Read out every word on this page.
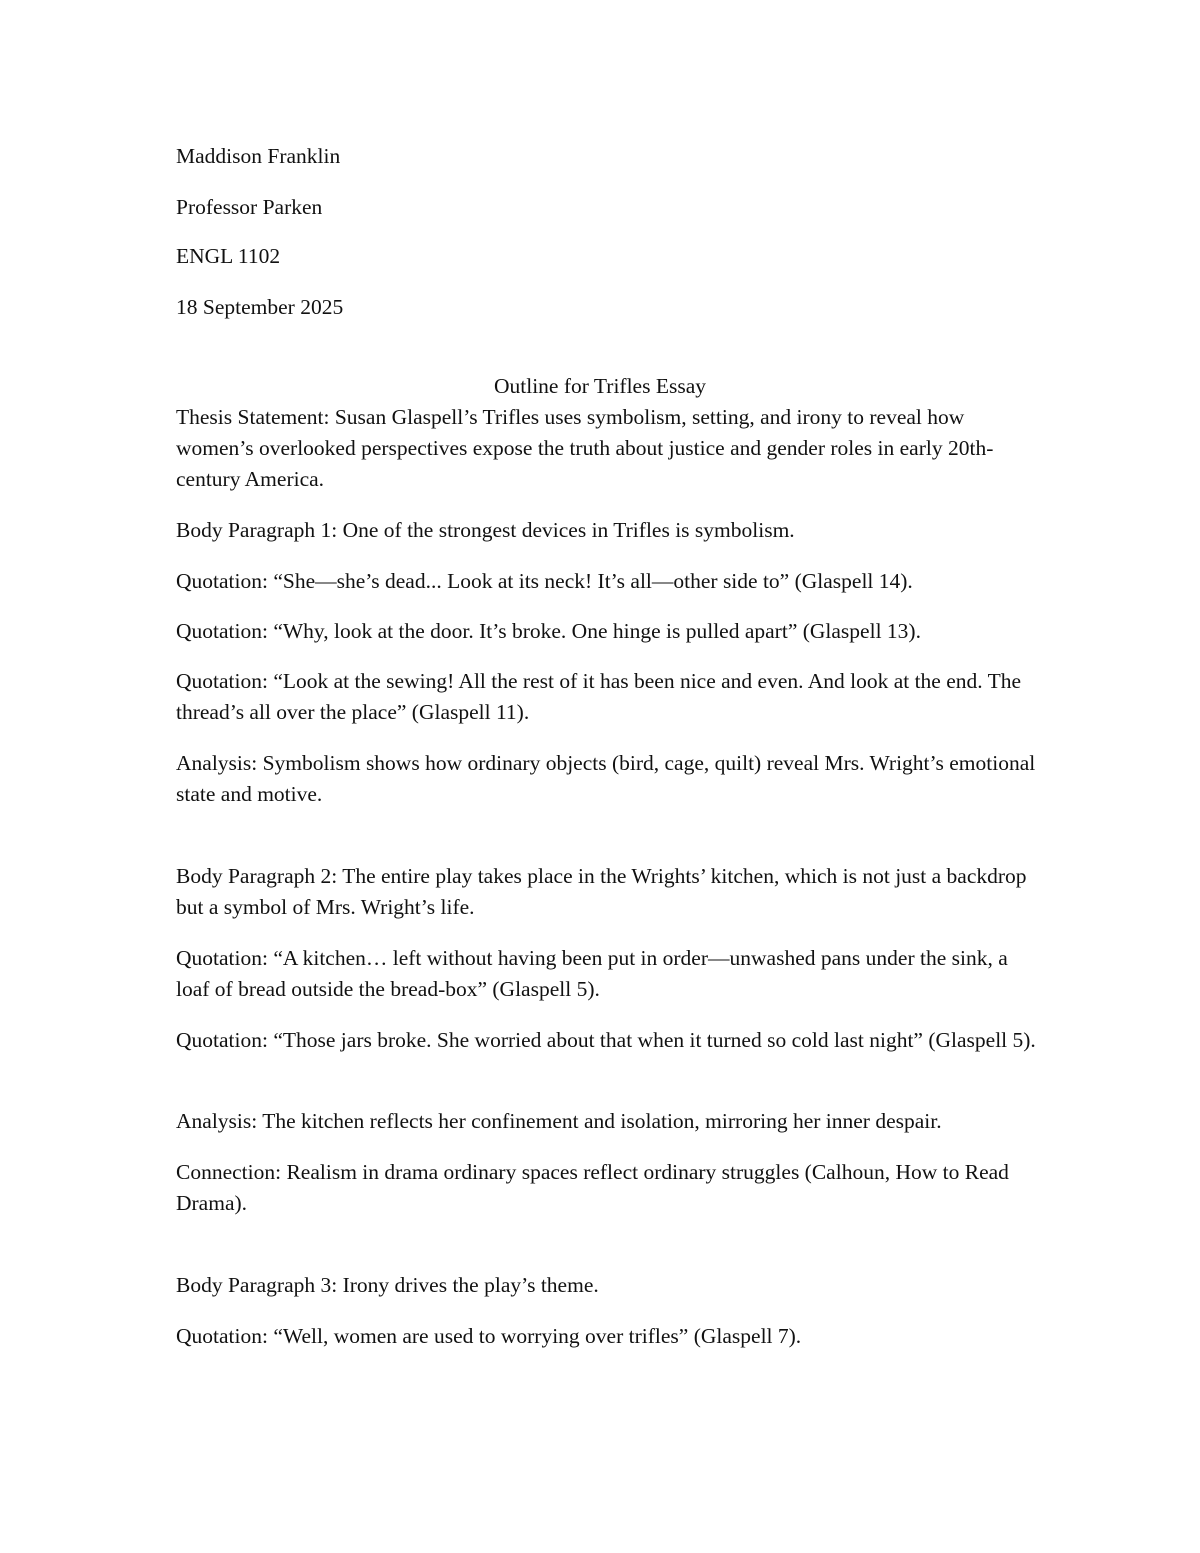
Maddison Franklin

Professor Parken

ENGL 1102

18 September 2025

Outline for Trifles Essay

Thesis Statement: Susan Glaspell’s Trifles uses symbolism, setting, and irony to reveal how women’s overlooked perspectives expose the truth about justice and gender roles in early 20th-century America.

Body Paragraph 1: One of the strongest devices in Trifles is symbolism.

Quotation: “She—she’s dead... Look at its neck! It’s all—other side to” (Glaspell 14).

Quotation: “Why, look at the door. It’s broke. One hinge is pulled apart” (Glaspell 13).

Quotation: “Look at the sewing! All the rest of it has been nice and even. And look at the end. The thread’s all over the place” (Glaspell 11).

Analysis: Symbolism shows how ordinary objects (bird, cage, quilt) reveal Mrs. Wright’s emotional state and motive.

Body Paragraph 2: The entire play takes place in the Wrights’ kitchen, which is not just a backdrop but a symbol of Mrs. Wright’s life.

Quotation: “A kitchen… left without having been put in order—unwashed pans under the sink, a loaf of bread outside the bread-box” (Glaspell 5).

Quotation: “Those jars broke. She worried about that when it turned so cold last night” (Glaspell 5).

Analysis: The kitchen reflects her confinement and isolation, mirroring her inner despair.

Connection: Realism in drama ordinary spaces reflect ordinary struggles (Calhoun, How to Read Drama).

Body Paragraph 3: Irony drives the play’s theme.

Quotation: “Well, women are used to worrying over trifles” (Glaspell 7).
